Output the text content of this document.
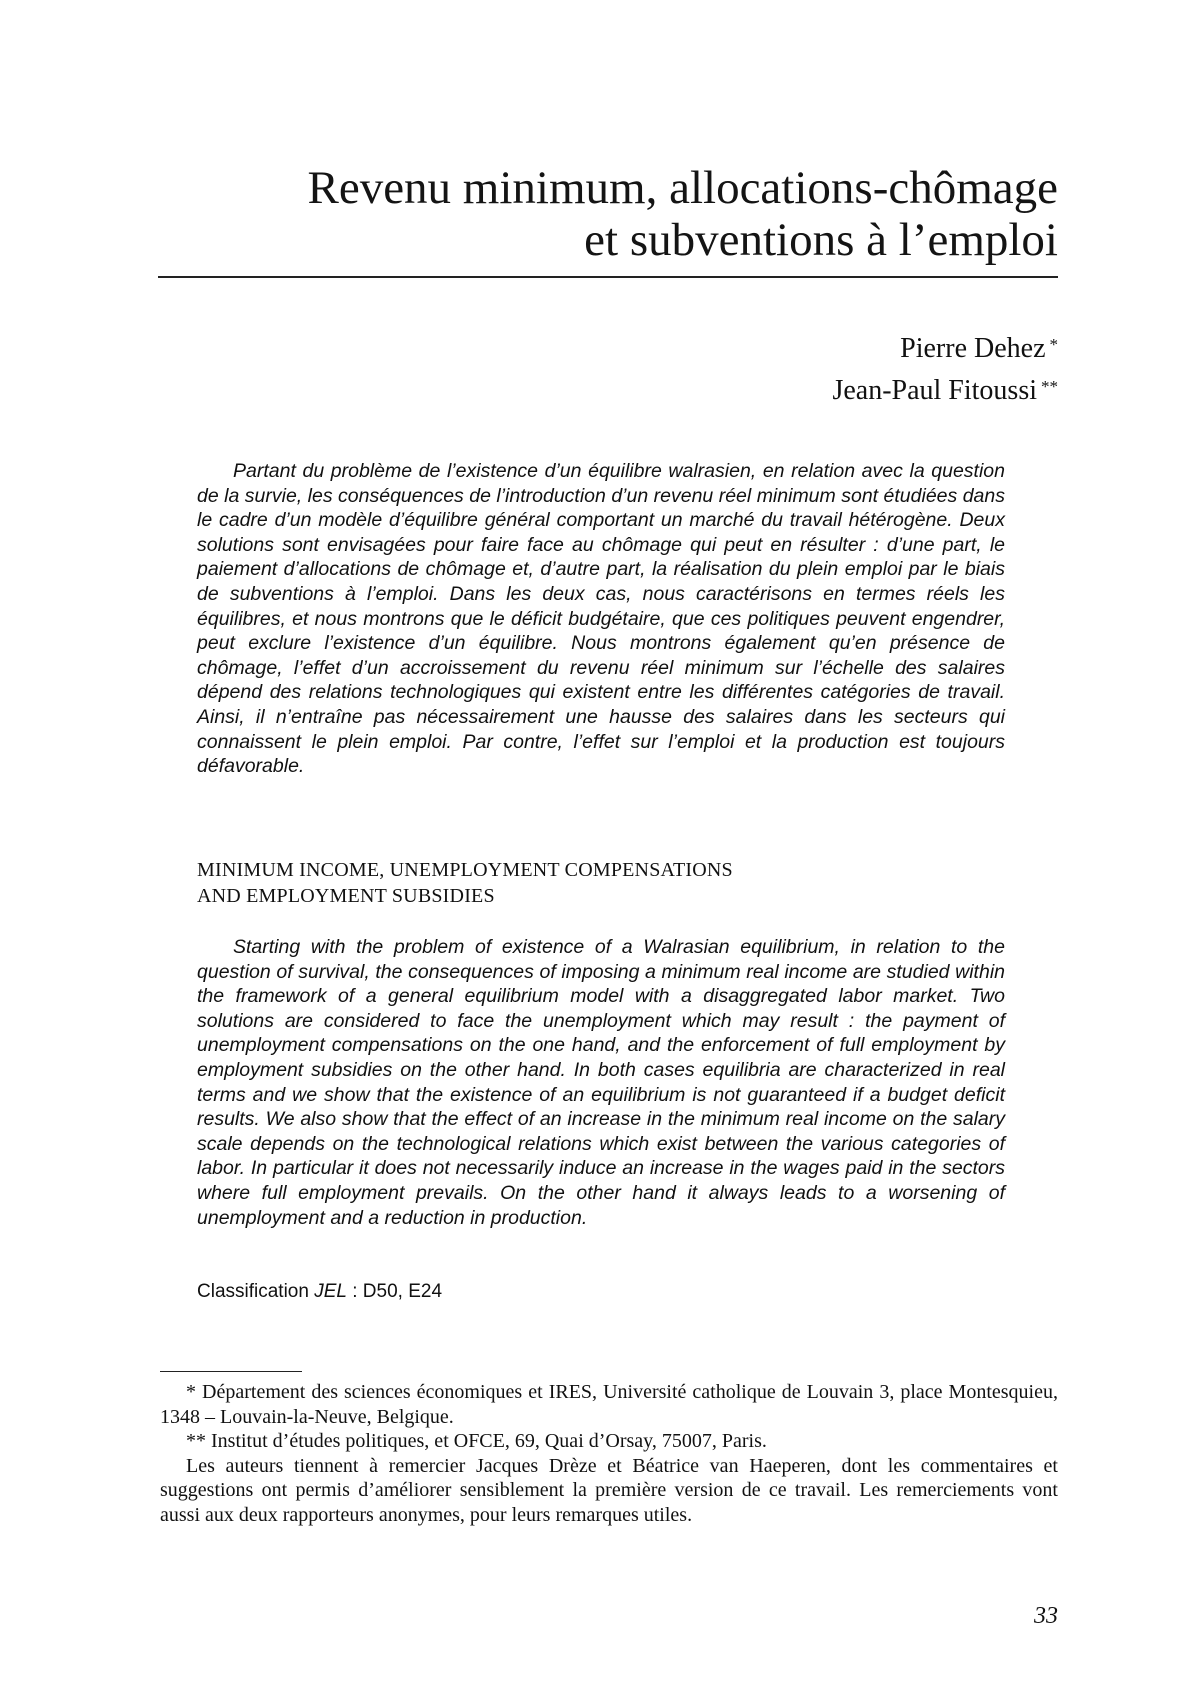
Revenu minimum, allocations-chômage
et subventions à l’emploi
Pierre Dehez *
Jean-Paul Fitoussi **

Partant du problème de l’existence d’un équilibre walrasien, en relation avec la question de la survie, les conséquences de l’introduction d’un revenu réel minimum sont étudiées dans le cadre d’un modèle d’équilibre général comportant un marché du travail hétérogène. Deux solutions sont envisagées pour faire face au chômage qui peut en résulter : d’une part, le paiement d’allocations de chômage et, d’autre part, la réalisation du plein emploi par le biais de subventions à l’emploi. Dans les deux cas, nous caractérisons en termes réels les équilibres, et nous montrons que le déficit budgétaire, que ces politiques peuvent engendrer, peut exclure l’existence d’un équilibre. Nous montrons également qu’en présence de chômage, l’effet d’un accroissement du revenu réel minimum sur l’échelle des salaires dépend des relations technologiques qui existent entre les différentes catégories de travail. Ainsi, il n’entraîne pas nécessairement une hausse des salaires dans les secteurs qui connaissent le plein emploi. Par contre, l’effet sur l’emploi et la production est toujours défavorable.

MINIMUM INCOME, UNEMPLOYMENT COMPENSATIONS
AND EMPLOYMENT SUBSIDIES

Starting with the problem of existence of a Walrasian equilibrium, in relation to the question of survival, the consequences of imposing a minimum real income are studied within the framework of a general equilibrium model with a disaggregated labor market. Two solutions are considered to face the unemployment which may result : the payment of unemployment compensations on the one hand, and the enforcement of full employment by employment subsidies on the other hand. In both cases equilibria are characterized in real terms and we show that the existence of an equilibrium is not guaranteed if a budget deficit results. We also show that the effect of an increase in the minimum real income on the salary scale depends on the technological relations which exist between the various categories of labor. In particular it does not necessarily induce an increase in the wages paid in the sectors where full employment prevails. On the other hand it always leads to a worsening of unemployment and a reduction in production.

Classification JEL : D50, E24

* Département des sciences économiques et IRES, Université catholique de Louvain 3, place Montesquieu, 1348 – Louvain-la-Neuve, Belgique.

** Institut d’études politiques, et OFCE, 69, Quai d’Orsay, 75007, Paris.

Les auteurs tiennent à remercier Jacques Drèze et Béatrice van Haeperen, dont les commentaires et suggestions ont permis d’améliorer sensiblement la première version de ce travail. Les remerciements vont aussi aux deux rapporteurs anonymes, pour leurs remarques utiles.

33
